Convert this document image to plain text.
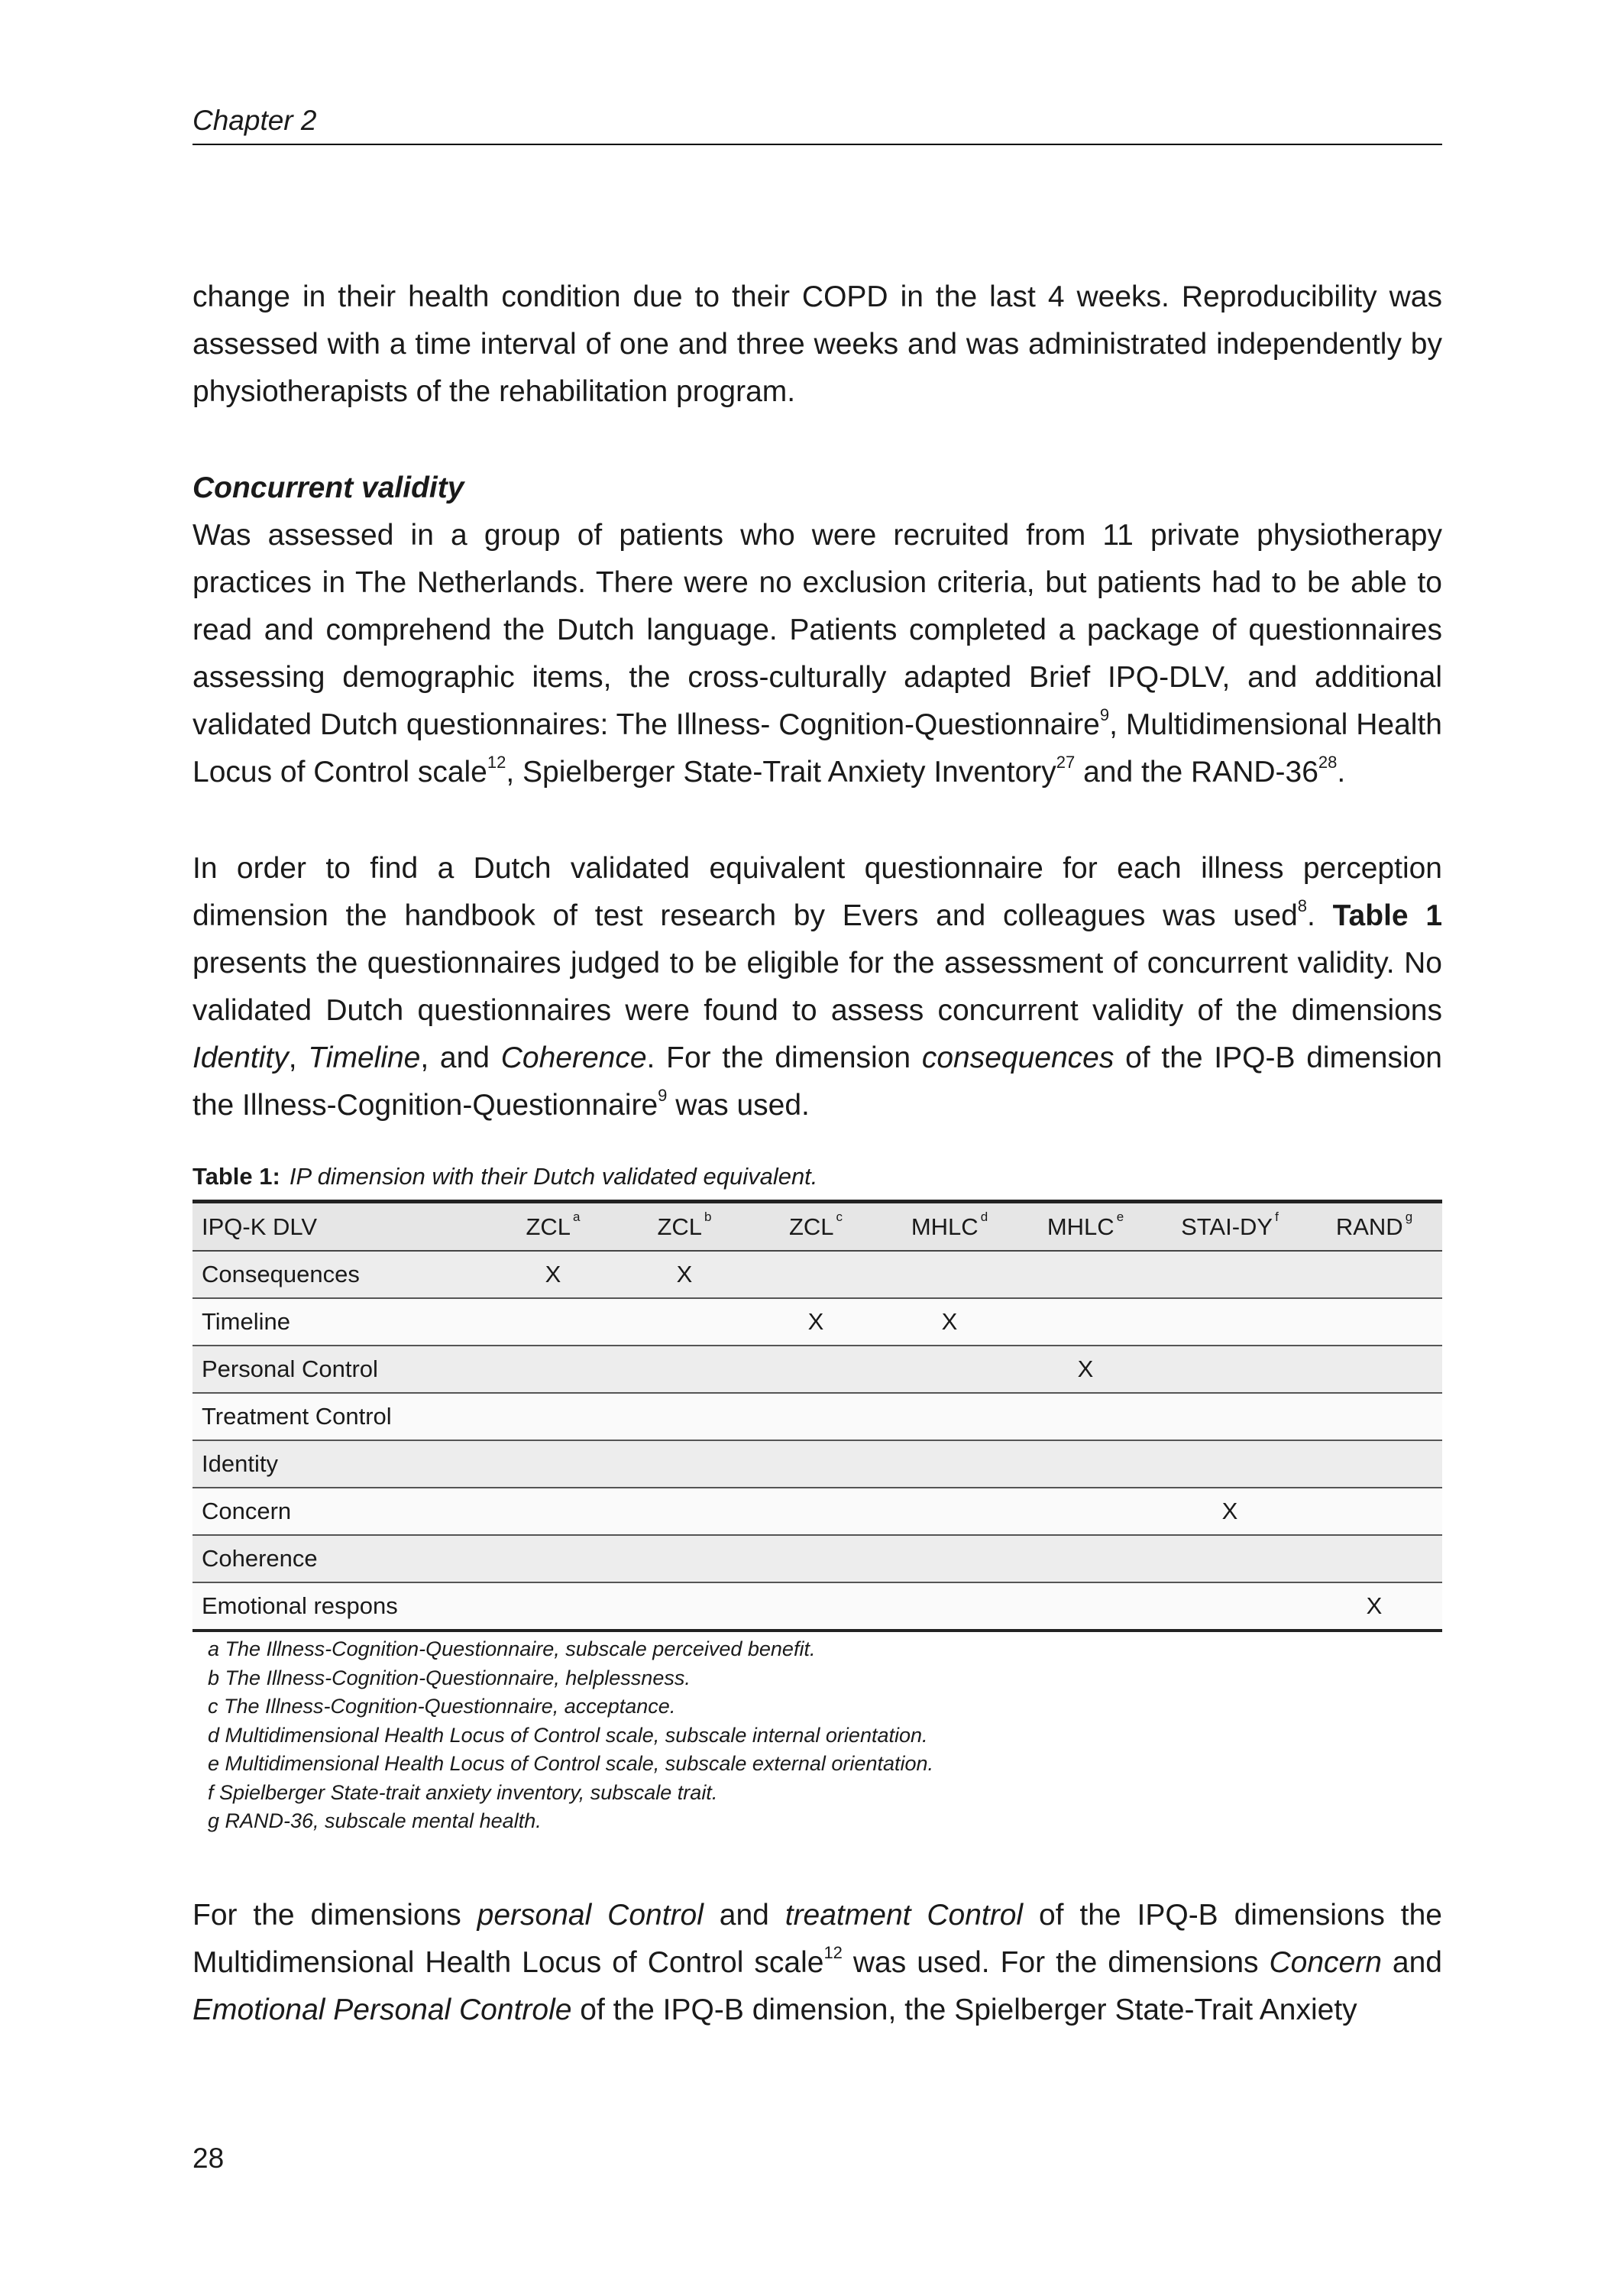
Chapter 2

change in their health condition due to their COPD in the last 4 weeks. Reproducibility was assessed with a time interval of one and three weeks and was administrated independently by physiotherapists of the rehabilitation program.

Concurrent validity

Was assessed in a group of patients who were recruited from 11 private physiotherapy practices in The Netherlands. There were no exclusion criteria, but patients had to be able to read and comprehend the Dutch language. Patients completed a package of questionnaires assessing demographic items, the cross-culturally adapted Brief IPQ-DLV, and additional validated Dutch questionnaires: The Illness- Cognition-Questionnaire$^9$, Multidimensional Health Locus of Control scale$^{12}$, Spielberger State-Trait Anxiety Inventory$^{27}$ and the RAND-$36^{28}$.

In order to find a Dutch validated equivalent questionnaire for each illness perception dimension the handbook of test research by Evers and colleagues was used$^8$. Table 1 presents the questionnaires judged to be eligible for the assessment of concurrent validity. No validated Dutch questionnaires were found to assess concurrent validity of the dimensions Identity, Timeline, and Coherence. For the dimension consequences of the IPQ-B dimension the Illness-Cognition-Questionnaire$^9$ was used.

Table 1: IP dimension with their Dutch validated equivalent.
IPQ-K DLV	ZCL $^a$	ZCL $^b$	ZCL $^c$	MHLC $^d$	MHLC $^e$	STAI-DY $^f$	RAND $^g$
Consequences	X	X					
Timeline			X	X			
Personal Control					X		
Treatment Control							
Identity							
Concern						X	
Coherence							
Emotional respons							X
a The Illness-Cognition-Questionnaire, subscale perceived benefit.
b The Illness-Cognition-Questionnaire, helplessness.
c The Illness-Cognition-Questionnaire, acceptance.
d Multidimensional Health Locus of Control scale, subscale internal orientation.
e Multidimensional Health Locus of Control scale, subscale external orientation.
f Spielberger State-trait anxiety inventory, subscale trait.
g RAND-36, subscale mental health.

For the dimensions personal Control and treatment Control of the IPQ-B dimensions the Multidimensional Health Locus of Control scale$^{12}$ was used. For the dimensions Concern and Emotional Personal Controle of the IPQ-B dimension, the Spielberger State-Trait Anxiety

28
